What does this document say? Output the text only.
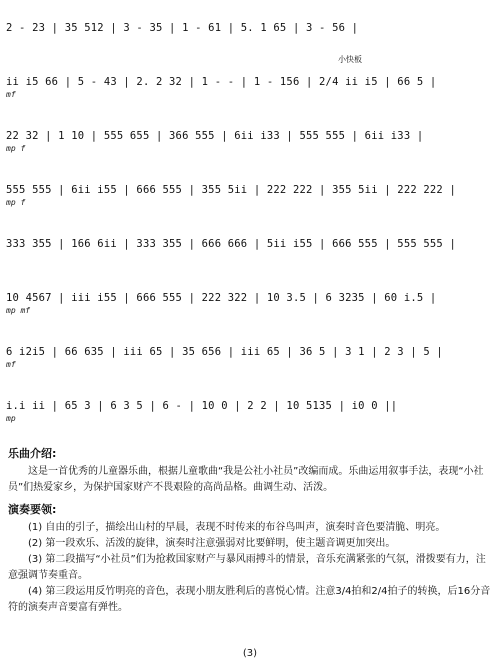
小快板
2 - 23 | 35 512 | 3 - 35 | 1 - 61 | 5. 1 65 | 3 - 56 |
ii i5 66 | 5 - 43 | 2. 2 32 | 1 - - | 1 - 156 | 2/4 ii i5 | 66 5 |
mf
22 32 | 1 10 | 555 655 | 366 555 | 6ii i33 | 555 555 | 6ii i33 |
mp f
555 555 | 6ii i55 | 666 555 | 355 5ii | 222 222 | 355 5ii | 222 222 |
mp f
333 355 | 166 6ii | 333 355 | 666 666 | 5ii i55 | 666 555 | 555 555 |
10 4567 | iii i55 | 666 555 | 222 322 | 10 3.5 | 6 3235 | 60 i.5 |
mp mf
6 i2i5 | 66 635 | iii 65 | 35 656 | iii 65 | 36 5 | 3 1 | 2 3 | 5 |
mf
i.i ii | 65 3 | 6 3 5 | 6 - | 10 0 | 2 2 | 10 5135 | i0 0 ||
mp
乐曲介绍:
这是一首优秀的儿童器乐曲，根据儿童歌曲“我是公社小社员”改编而成。乐曲运用叙事手法，表现“小社员”们热爱家乡，为保护国家财产不畏艰险的高尚品格。曲调生动、活泼。
演奏要领:
(1) 自由的引子，描绘出山村的早晨，表现不时传来的布谷鸟叫声，演奏时音色要清脆、明亮。
(2) 第一段欢乐、活泼的旋律，演奏时注意强弱对比要鲜明，使主题音调更加突出。
(3) 第二段描写“小社员”们为抢救国家财产与暴风雨搏斗的情景，音乐充满紧张的气氛，滑拨要有力，注意强调节奏重音。
(4) 第三段运用反竹明亮的音色，表现小朋友胜利后的喜悦心情。注意3/4拍和2/4拍子的转换，后16分音符的演奏声音要富有弹性。
(3)
